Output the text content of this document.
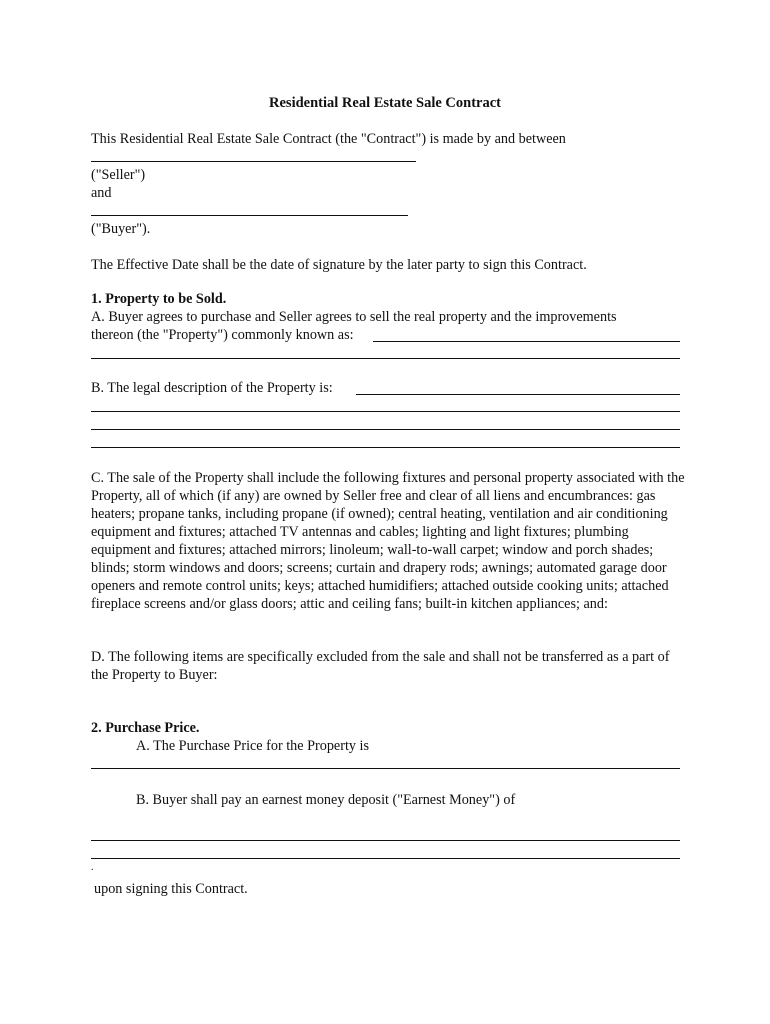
Residential Real Estate Sale Contract
This Residential Real Estate Sale Contract (the "Contract") is made by and between
("Seller")
and
("Buyer").
The Effective Date shall be the date of signature by the later party to sign this Contract.
1. Property to be Sold.
A. Buyer agrees to purchase and Seller agrees to sell the real property and the improvements
thereon (the "Property") commonly known as:
B. The legal description of the Property is:
C. The sale of the Property shall include the following fixtures and personal property associated with the Property, all of which (if any) are owned by Seller free and clear of all liens and encumbrances: gas heaters; propane tanks, including propane (if owned); central heating, ventilation and air conditioning equipment and fixtures; attached TV antennas and cables; lighting and light fixtures; plumbing equipment and fixtures; attached mirrors; linoleum; wall-to-wall carpet; window and porch shades; blinds; storm windows and doors; screens; curtain and drapery rods; awnings; automated garage door openers and remote control units; keys; attached humidifiers; attached outside cooking units; attached fireplace screens and/or glass doors; attic and ceiling fans; built-in kitchen appliances; and:
D. The following items are specifically excluded from the sale and shall not be transferred as a part of the Property to Buyer:
2. Purchase Price.
A. The Purchase Price for the Property is
B. Buyer shall pay an earnest money deposit ("Earnest Money") of
.
upon signing this Contract.
